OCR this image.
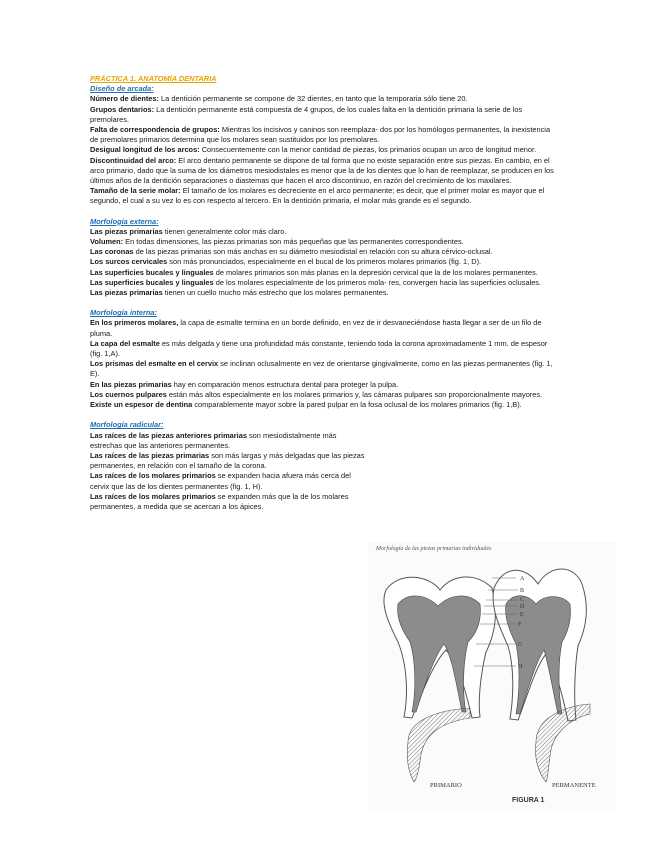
PRÁCTICA 1. ANATOMÍA DENTARIA

Diseño de arcada:

Número de dientes: La dentición permanente se compone de 32 dientes, en tanto que la temporaria sólo tiene 20.

Grupos dentarios: La dentición permanente está compuesta de 4 grupos, de los cuales falta en la dentición primaria la serie de los premolares.

Falta de correspondencia de grupos: Mientras los incisivos y caninos son reemplaza- dos por los homólogos permanentes, la inexistencia de premolares primarios determina que los molares sean sustituidos por los premolares.

Desigual longitud de los arcos: Consecuentemente con la menor cantidad de piezas, los primarios ocupan un arco de longitud menor.

Discontinuidad del arco: El arco dentario permanente se dispone de tal forma que no existe separación entre sus piezas. En cambio, en el arco primario, dado que la suma de los diámetros mesiodistales es menor que la de los dientes que lo han de reemplazar, se producen en los últimos años de la dentición separaciones o diastemas que hacen el arco discontinuo, en razón del crecimiento de los maxilares.

Tamaño de la serie molar: El tamaño de los molares es decreciente en el arco permanente; es decir, que el primer molar es mayor que el segundo, el cual a su vez lo es con respecto al tercero. En la dentición primaria, el molar más grande es el segundo.

Morfología externa:

Las piezas primarias tienen generalmente color más claro.

Volumen: En todas dimensiones, las piezas primarias son más pequeñas que las permanentes correspondientes.

Las coronas de las piezas primarias son más anchas en su diámetro mesiodistal en relación con su altura cérvico-oclusal.

Los surcos cervicales son más pronunciados, especialmente en el bucal de los primeros molares primarios (fig. 1, D).

Las superficies bucales y linguales de molares primarios son más planas en la depresión cervical que la de los molares permanentes.

Las superficies bucales y linguales de los molares especialmente de los primeros mola- res, convergen hacia las superficies oclusales.

Las piezas primarias tienen un cuello mucho más estrecho que los molares permanentes.

Morfología interna:

En los primeros molares, la capa de esmalte termina en un borde definido, en vez de ir desvaneciéndose hasta llegar a ser de un filo de pluma.

La capa del esmalte es más delgada y tiene una profundidad más constante, teniendo toda la corona aproximadamente 1 mm. de espesor (fig. 1,A).

Los prismas del esmalte en el cervix se inclinan oclusalmente en vez de orientarse gingivalmente, como en las piezas permanentes (fig. 1, E).

En las piezas primarias hay en comparación menos estructura dental para proteger la pulpa.

Los cuernos pulpares están más altos especialmente en los molares primarios y, las cámaras pulpares son proporcionalmente mayores.

Existe un espesor de dentina comparablemente mayor sobre la pared pulpar en la fosa oclusal de los molares primarios (fig. 1,B).

Morfología radicular:

Las raíces de las piezas anteriores primarias son mesiodistalmente más estrechas que las anteriores permanentes.

Las raíces de las piezas primarias son más largas y más delgadas que las piezas permanentes, en relación con el tamaño de la corona.

Las raíces de los molares primarios se expanden hacia afuera más cerca del cervix que las de los dientes permanentes (fig. 1, H).

Las raíces de los molares primarios se expanden más que la de los molares permanentes, a medida que se acercan a los ápices.

Morfología de las piezas primarias individuales
A
B
C
D
E
F
G
H
PRIMARIO	PERMANENTE
FIGURA 1
